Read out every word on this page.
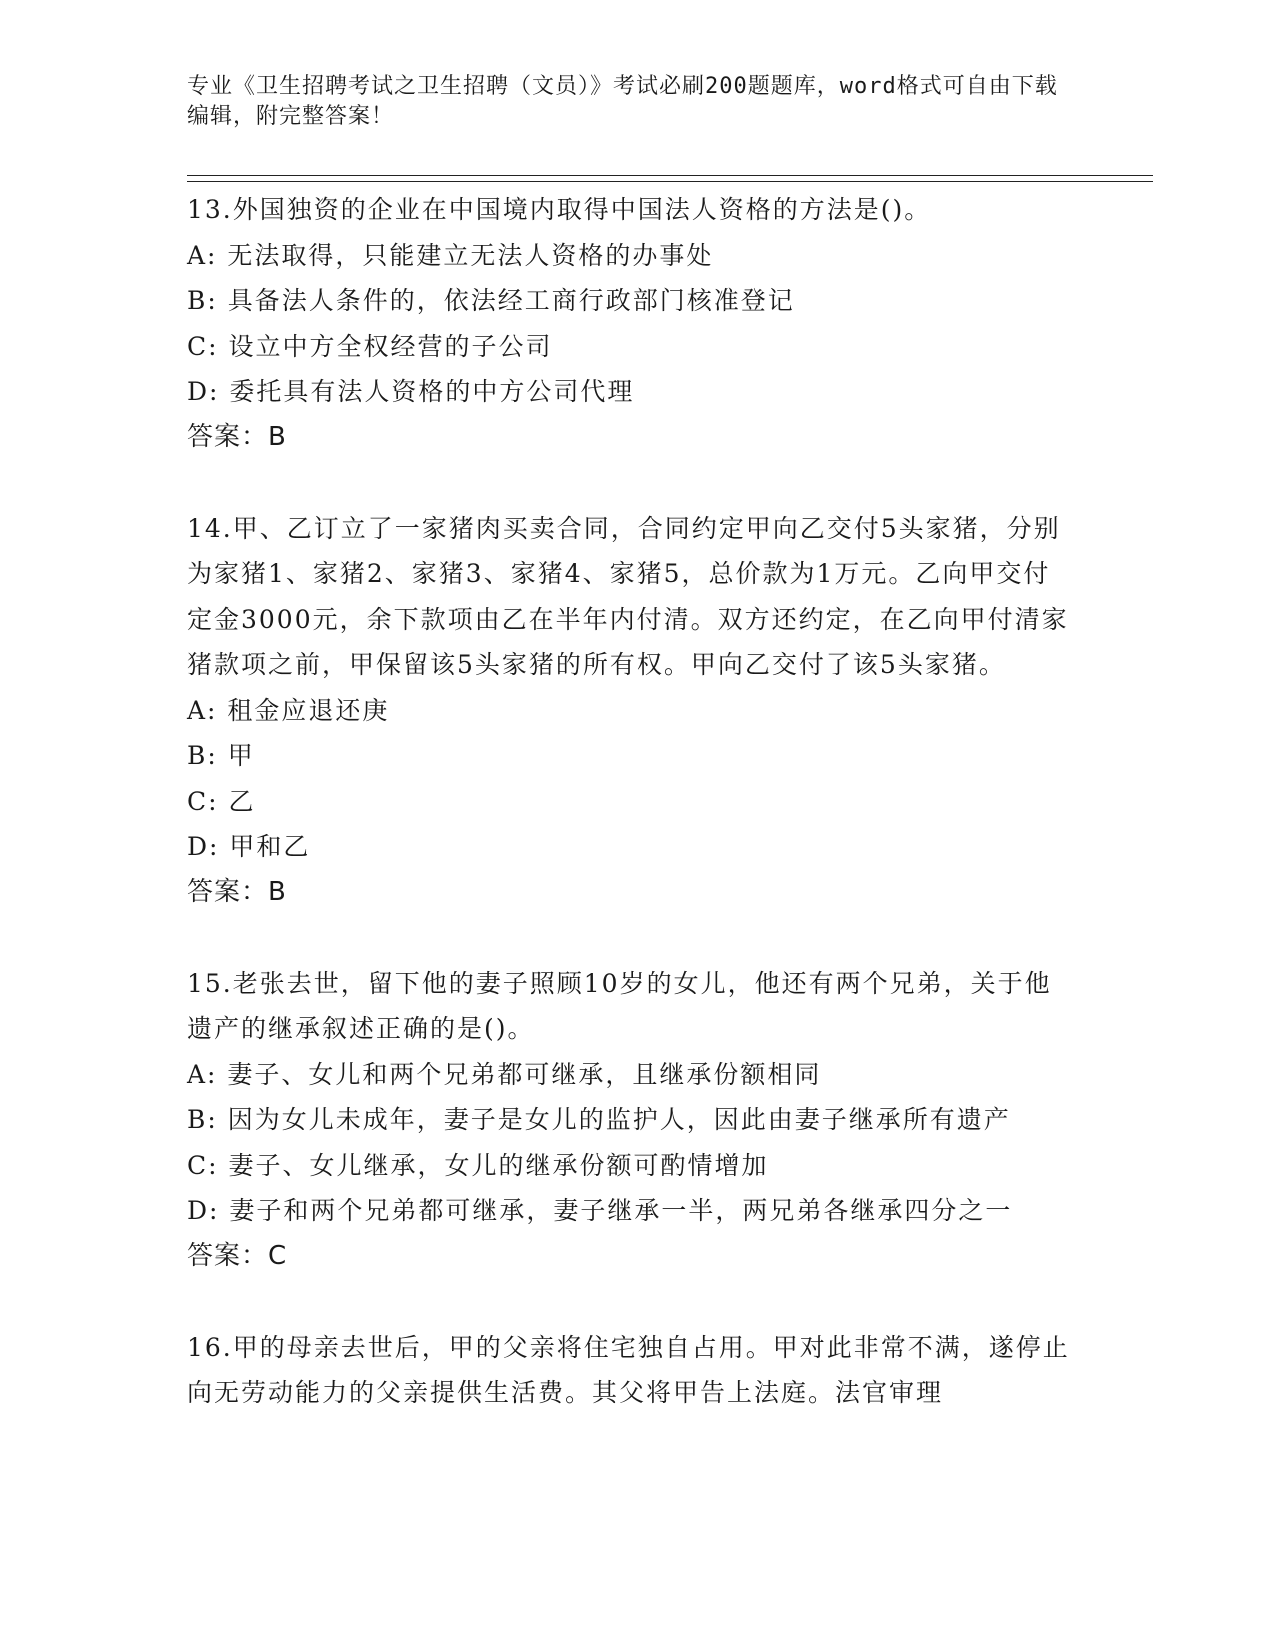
专业《卫生招聘考试之卫生招聘（文员）》考试必刷200题题库，word格式可自由下载编辑，附完整答案！

13.外国独资的企业在中国境内取得中国法人资格的方法是()。

A: 无法取得，只能建立无法人资格的办事处

B: 具备法人条件的，依法经工商行政部门核准登记

C: 设立中方全权经营的子公司

D: 委托具有法人资格的中方公司代理

答案：B

14.甲、乙订立了一家猪肉买卖合同，合同约定甲向乙交付5头家猪，分别为家猪1、家猪2、家猪3、家猪4、家猪5，总价款为1万元。乙向甲交付定金3000元，余下款项由乙在半年内付清。双方还约定，在乙向甲付清家猪款项之前，甲保留该5头家猪的所有权。甲向乙交付了该5头家猪。

A: 租金应退还庚

B: 甲

C: 乙

D: 甲和乙

答案：B

15.老张去世，留下他的妻子照顾10岁的女儿，他还有两个兄弟，关于他遗产的继承叙述正确的是()。

A: 妻子、女儿和两个兄弟都可继承，且继承份额相同

B: 因为女儿未成年，妻子是女儿的监护人，因此由妻子继承所有遗产

C: 妻子、女儿继承，女儿的继承份额可酌情增加

D: 妻子和两个兄弟都可继承，妻子继承一半，两兄弟各继承四分之一

答案：C

16.甲的母亲去世后，甲的父亲将住宅独自占用。甲对此非常不满，遂停止向无劳动能力的父亲提供生活费。其父将甲告上法庭。法官审理
